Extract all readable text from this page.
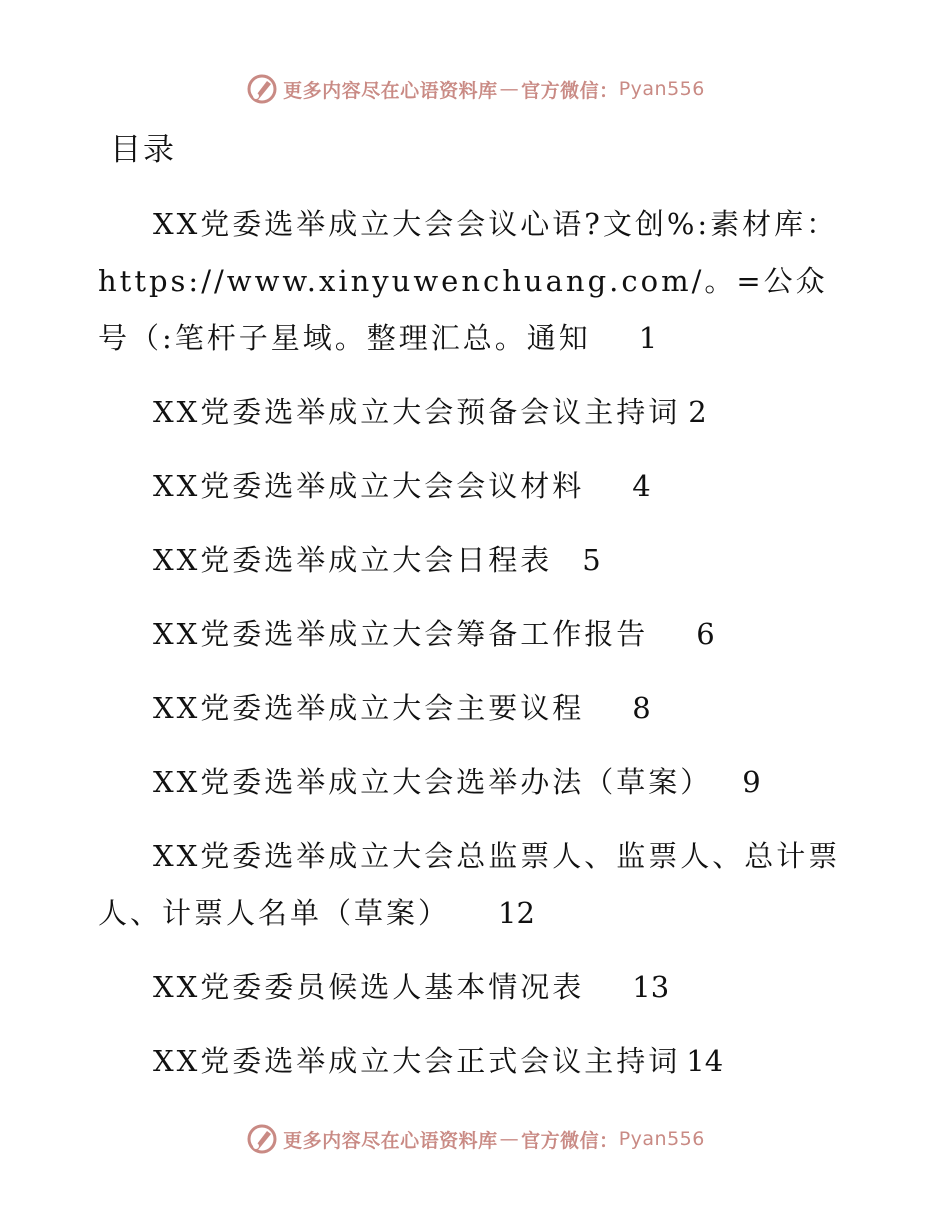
更多内容尽在心语资料库 — 官方微信： Pyan556
目录
XX党委选举成立大会会议心语?文创%:素材库：https://www.xinyuwenchuang.com/。=公众号（:笔杆子星域。整理汇总。通知 1
XX党委选举成立大会预备会议主持词 2
XX党委选举成立大会会议材料 4
XX党委选举成立大会日程表 5
XX党委选举成立大会筹备工作报告 6
XX党委选举成立大会主要议程 8
XX党委选举成立大会选举办法（草案） 9
XX党委选举成立大会总监票人、监票人、总计票人、计票人名单（草案） 12
XX党委委员候选人基本情况表 13
XX党委选举成立大会正式会议主持词 14
更多内容尽在心语资料库 — 官方微信： Pyan556
